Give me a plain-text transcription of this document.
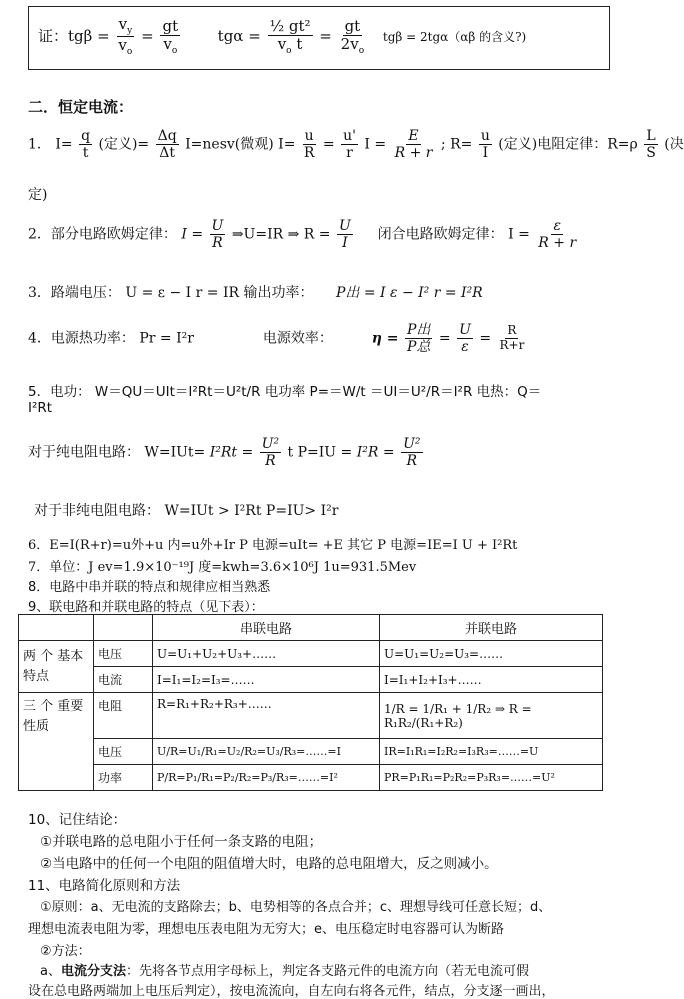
证：$tg\beta = \frac{v_y}{v_o} = \frac{gt}{v_o}$	$tg\alpha = \frac{\text{½ gt²}}{v_o t} = \frac{gt}{2v_o}$ tgβ = 2tgα（αβ 的含义?)
二．恒定电流：
1． $I= \frac{q}{t}$ (定义)= $\frac{\Delta q}{\Delta t}$ I=nesv(微观) $I= \frac{u}{R} = \frac{u'}{r}$ $I = \frac{E}{R + r}$ ; $R= \frac{u}{I}$ (定义)电阻定律：$R=\rho \frac{L}{S}$ (决
定)
2．部分电路欧姆定律： $I = \frac{U}{R}$ ⇒U=IR ⇒ $R = \frac{U}{I}$ 闭合电路欧姆定律： $I = \frac{\varepsilon}{R + r}$
3．路端电压： U = ε − I r = IR 输出功率： P出 = I ε − I² r = I²R
4．电源热功率： Pr = I²r	电源效率：	$\eta = \frac{\text{P出}}{\text{P总}} = \frac{U}{\varepsilon} = \frac{R}{R+r}$
5．电功： W＝QU＝UIt＝I²Rt＝U²t/R 电功率 P=＝W/t ＝UI＝U²/R＝I²R 电热：Q＝
I²Rt
对于纯电阻电路： $W=IUt= I^2Rt = \frac{\text{U²}}{R}$ t $P=IU = I^2R = \frac{\text{U²}}{R}$
对于非纯电阻电路： W=IUt > I²Rt P=IU> I²r
6．E=I(R+r)=u外+u 内=u外+Ir P 电源=uIt= +E 其它 P 电源=IE=I U + I²Rt
7．单位：J ev=1.9×10⁻¹⁹J 度=kwh=3.6×10⁶J 1u=931.5Mev
8．电路中串并联的特点和规律应相当熟悉
9、联电路和并联电路的特点（见下表）：
		串联电路	并联电路
两 个 基本特点	电压	U=U₁+U₂+U₃+……	U=U₁=U₂=U₃=……
	电流	I=I₁=I₂=I₃=……	I=I₁+I₂+I₃+……
三 个 重要性质	电阻	R=R₁+R₂+R₃+……	1/R = 1/R₁ + 1/R₂ ⇒ R = R₁R₂/(R₁+R₂)
	电压	U/R=U₁/R₁=U₂/R₂=U₃/R₃=……=I	IR=I₁R₁=I₂R₂=I₃R₃=……=U
	功率	P/R=P₁/R₁=P₂/R₂=P₃/R₃=……=I²	PR=P₁R₁=P₂R₂=P₃R₃=……=U²
10、记住结论：
①并联电路的总电阻小于任何一条支路的电阻；
②当电路中的任何一个电阻的阻值增大时，电路的总电阻增大，反之则减小。
11、电路简化原则和方法
①原则：a、无电流的支路除去；b、电势相等的各点合并；c、理想导线可任意长短；d、
理想电流表电阻为零，理想电压表电阻为无穷大；e、电压稳定时电容器可认为断路
②方法：
a、电流分支法：先将各节点用字母标上，判定各支路元件的电流方向（若无电流可假
设在总电路两端加上电压后判定），按电流流向，自左向右将各元件，结点，分支逐一画出，
